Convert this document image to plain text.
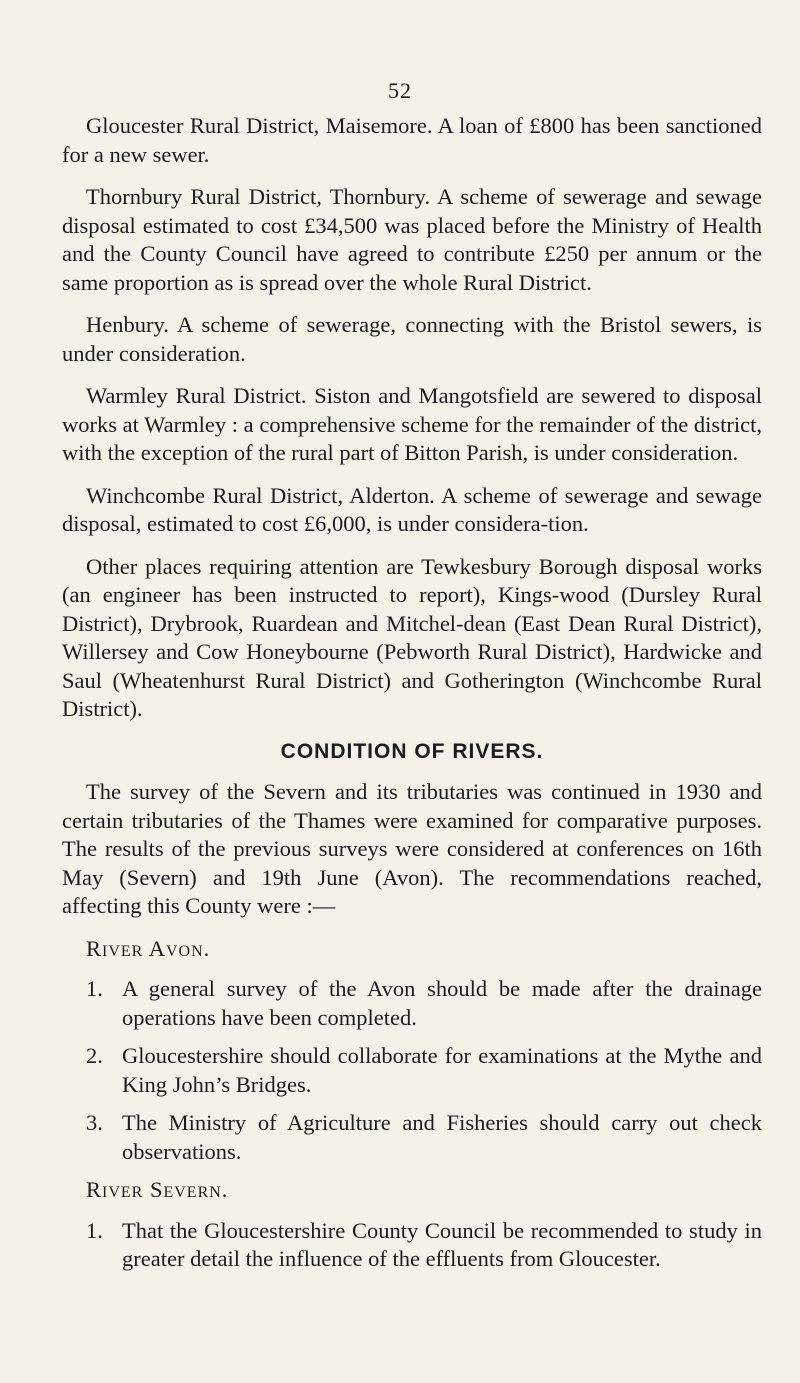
52

Gloucester Rural District, Maisemore. A loan of £800 has been sanctioned for a new sewer.

Thornbury Rural District, Thornbury. A scheme of sewerage and sewage disposal estimated to cost £34,500 was placed before the Ministry of Health and the County Council have agreed to contribute £250 per annum or the same proportion as is spread over the whole Rural District.

Henbury. A scheme of sewerage, connecting with the Bristol sewers, is under consideration.

Warmley Rural District. Siston and Mangotsfield are sewered to disposal works at Warmley : a comprehensive scheme for the remainder of the district, with the exception of the rural part of Bitton Parish, is under consideration.

Winchcombe Rural District, Alderton. A scheme of sewerage and sewage disposal, estimated to cost £6,000, is under considera-tion.

Other places requiring attention are Tewkesbury Borough disposal works (an engineer has been instructed to report), Kings-wood (Dursley Rural District), Drybrook, Ruardean and Mitchel-dean (East Dean Rural District), Willersey and Cow Honeybourne (Pebworth Rural District), Hardwicke and Saul (Wheatenhurst Rural District) and Gotherington (Winchcombe Rural District).

CONDITION OF RIVERS.

The survey of the Severn and its tributaries was continued in 1930 and certain tributaries of the Thames were examined for comparative purposes. The results of the previous surveys were considered at conferences on 16th May (Severn) and 19th June (Avon). The recommendations reached, affecting this County were :—

River Avon.
1. A general survey of the Avon should be made after the drainage operations have been completed.
2. Gloucestershire should collaborate for examinations at the Mythe and King John’s Bridges.
3. The Ministry of Agriculture and Fisheries should carry out check observations.
River Severn.
1. That the Gloucestershire County Council be recommended to study in greater detail the influence of the effluents from Gloucester.
